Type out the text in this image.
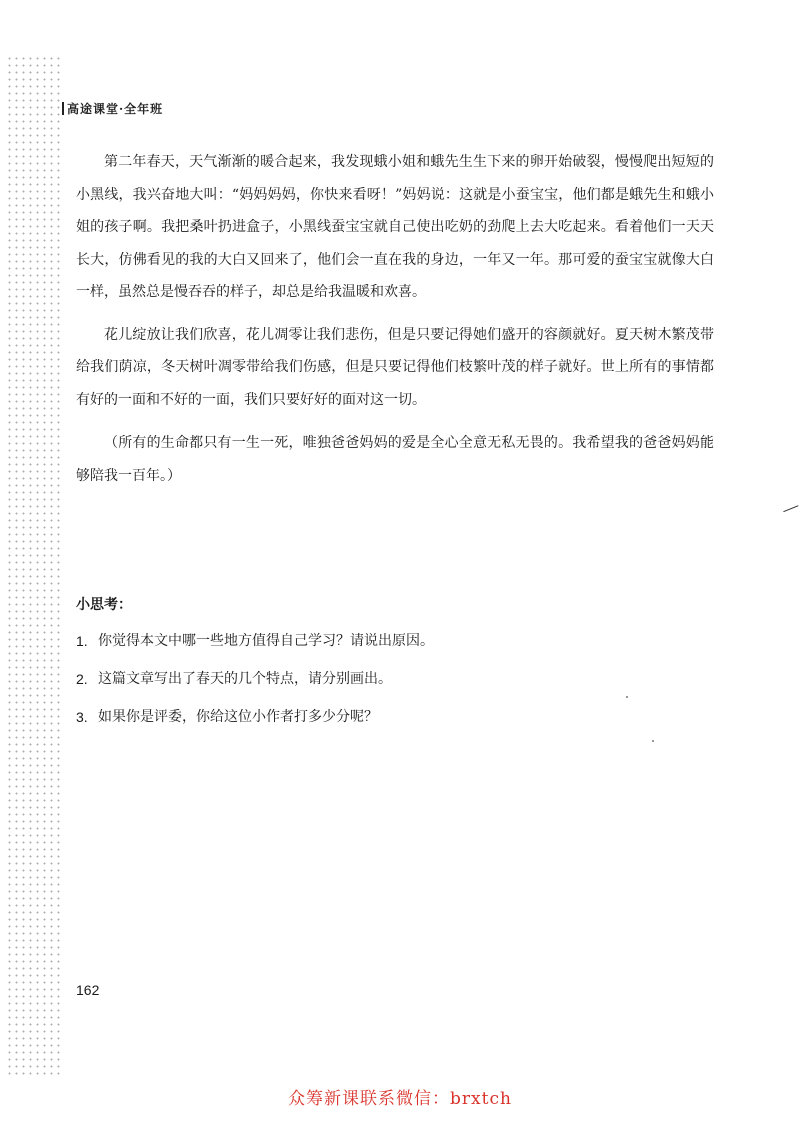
高途课堂·全年班

第二年春天，天气渐渐的暖合起来，我发现蛾小姐和蛾先生生下来的卵开始破裂，慢慢爬出短短的小黑线，我兴奋地大叫：“妈妈妈妈，你快来看呀！”妈妈说：这就是小蚕宝宝，他们都是蛾先生和蛾小姐的孩子啊。我把桑叶扔进盒子，小黑线蚕宝宝就自己使出吃奶的劲爬上去大吃起来。看着他们一天天长大，仿佛看见的我的大白又回来了，他们会一直在我的身边，一年又一年。那可爱的蚕宝宝就像大白一样，虽然总是慢吞吞的样子，却总是给我温暖和欢喜。

花儿绽放让我们欣喜，花儿凋零让我们悲伤，但是只要记得她们盛开的容颜就好。夏天树木繁茂带给我们荫凉，冬天树叶凋零带给我们伤感，但是只要记得他们枝繁叶茂的样子就好。世上所有的事情都有好的一面和不好的一面，我们只要好好的面对这一切。

（所有的生命都只有一生一死，唯独爸爸妈妈的爱是全心全意无私无畏的。我希望我的爸爸妈妈能够陪我一百年。）

小思考：
1. 你觉得本文中哪一些地方值得自己学习？请说出原因。
2. 这篇文章写出了春天的几个特点，请分别画出。
3. 如果你是评委，你给这位小作者打多少分呢？
162
众筹新课联系微信：brxtch
